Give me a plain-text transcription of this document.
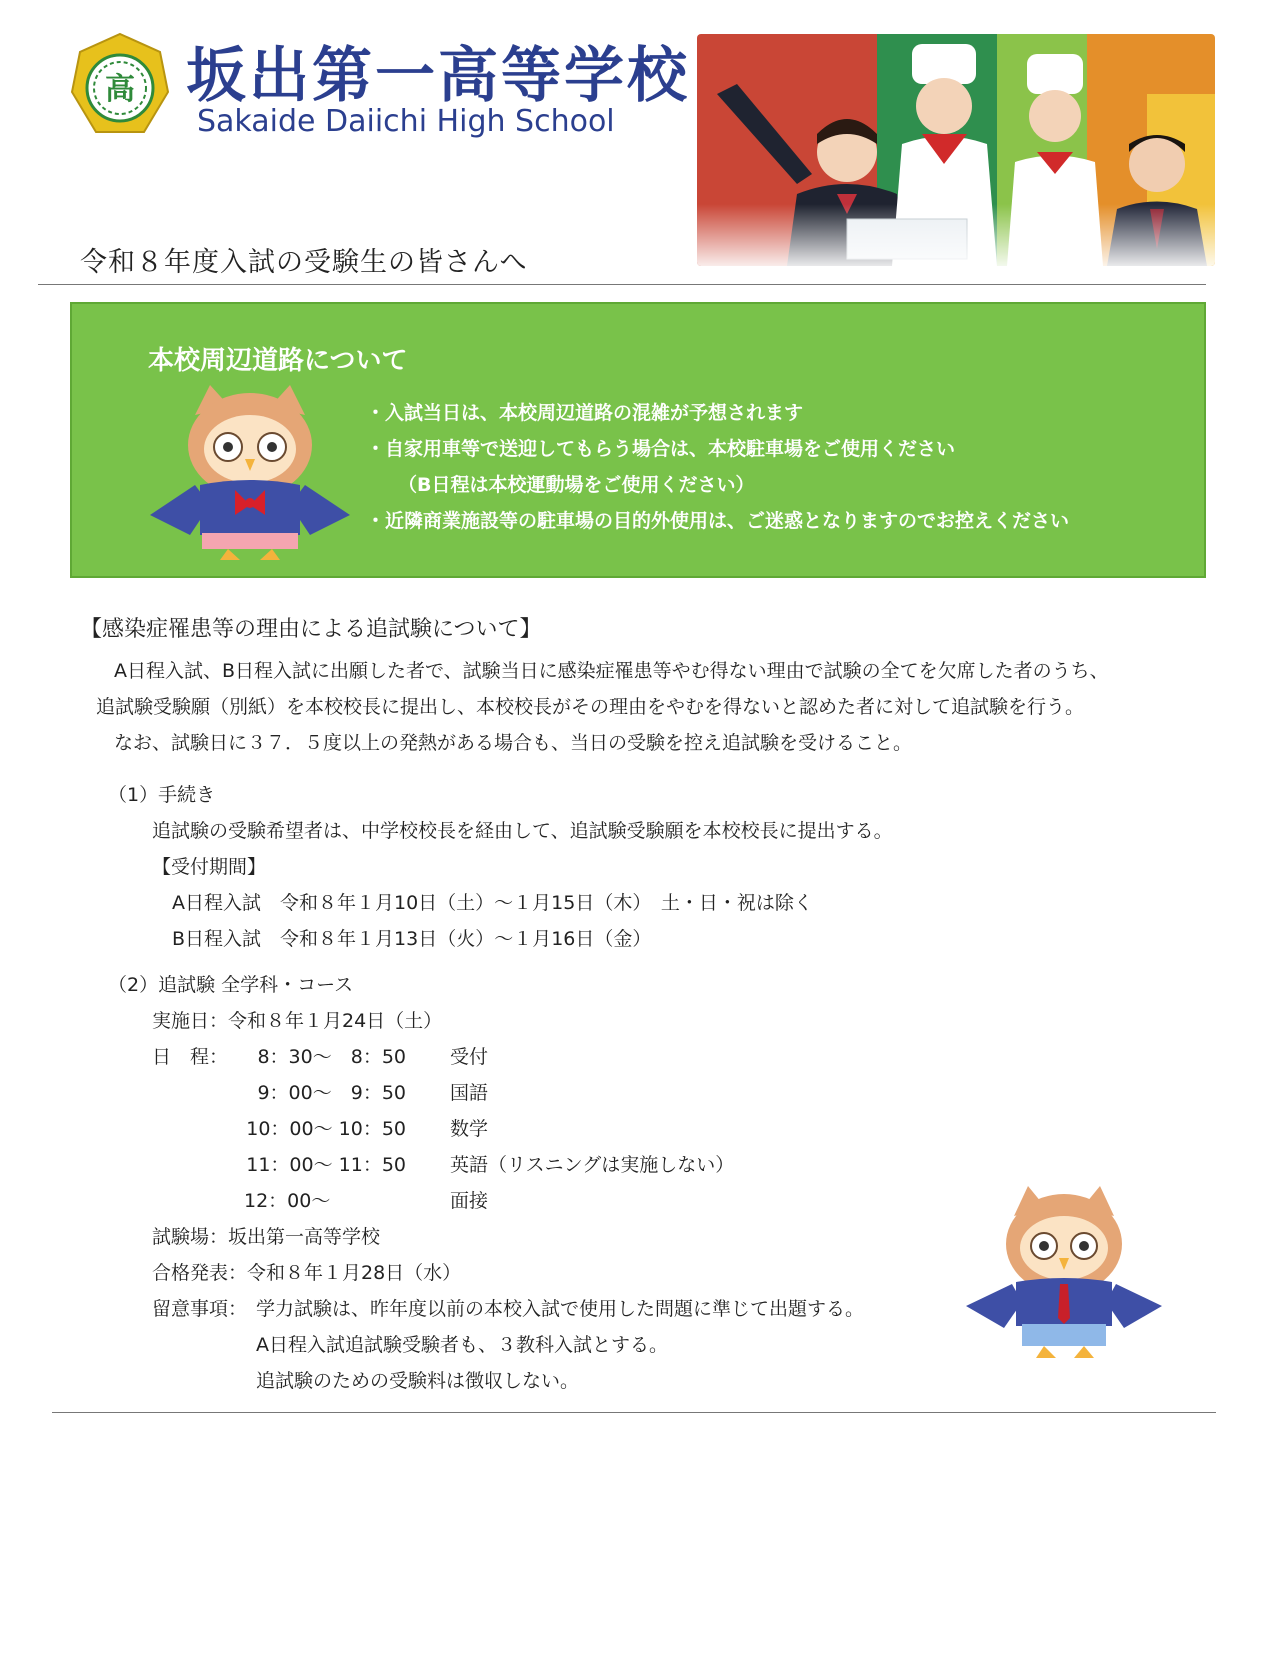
高 坂出第一高等学校
Sakaide Daiichi High School
令和８年度入試の受験生の皆さんへ
本校周辺道路について
・入試当日は、本校周辺道路の混雑が予想されます
・自家用車等で送迎してもらう場合は、本校駐車場をご使用ください
（B日程は本校運動場をご使用ください）
・近隣商業施設等の駐車場の目的外使用は、ご迷惑となりますのでお控えください
【感染症罹患等の理由による追試験について】
A日程入試、B日程入試に出願した者で、試験当日に感染症罹患等やむ得ない理由で試験の全てを欠席した者のうち、
追試験受験願（別紙）を本校校長に提出し、本校校長がその理由をやむを得ないと認めた者に対して追試験を行う。
なお、試験日に３７．５度以上の発熱がある場合も、当日の受験を控え追試験を受けること。
（1）手続き
追試験の受験希望者は、中学校校長を経由して、追試験受験願を本校校長に提出する。
【受付期間】
A日程入試　令和８年１月10日（土）～１月15日（木）　土・日・祝は除く
B日程入試　令和８年１月13日（火）～１月16日（金）
（2）追試験 全学科・コース
実施日：令和８年１月24日（土）
日　程： 8：30～　8：50 受付
9：00～　9：50 国語
10：00～ 10：50 数学
11：00～ 11：50 英語（リスニングは実施しない）
12：00～	面接
試験場：坂出第一高等学校
合格発表：令和８年１月28日（水）
留意事項： 学力試験は、昨年度以前の本校入試で使用した問題に準じて出題する。
A日程入試追試験受験者も、３教科入試とする。
追試験のための受験料は徴収しない。
